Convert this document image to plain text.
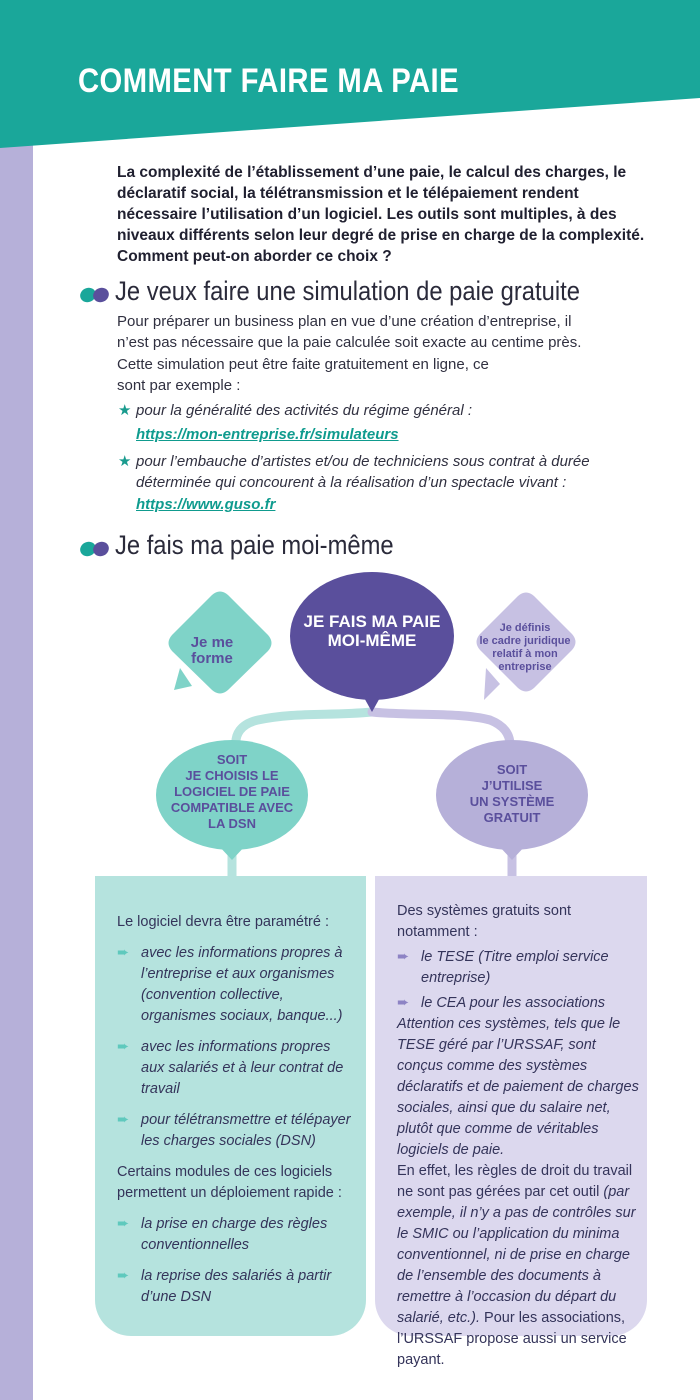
COMMENT FAIRE MA PAIE
La complexité de l’établissement d’une paie, le calcul des charges, le déclaratif social, la télétransmission et le télépaiement rendent nécessaire l’utilisation d’un logiciel. Les outils sont multiples, à des niveaux différents selon leur degré de prise en charge de la complexité. Comment peut-on aborder ce choix ?
Je veux faire une simulation de paie gratuite
Pour préparer un business plan en vue d’une création d’entreprise, il n’est pas nécessaire que la paie calculée soit exacte au centime près.
Cette simulation peut être faite gratuitement en ligne, ce sont par exemple :
★ pour la généralité des activités du régime général :
https://mon-entreprise.fr/simulateurs
★ pour l’embauche d’artistes et/ou de techniciens sous contrat à durée déterminée qui concourent à la réalisation d’un spectacle vivant :
https://www.guso.fr
Je fais ma paie moi-même
Je me
forme
Je définis
le cadre juridique
relatif à mon
entreprise
JE FAIS MA PAIE
MOI-MÊME
SOIT
JE CHOISIS LE
LOGICIEL DE PAIE
COMPATIBLE AVEC
LA DSN
SOIT
J’UTILISE
UN SYSTÈME
GRATUIT
Le logiciel devra être paramétré :
➨ avec les informations propres à l’entreprise et aux organismes (convention collective, organismes sociaux, banque...)
➨ avec les informations propres aux salariés et à leur contrat de travail
➨ pour télétransmettre et télépayer les charges sociales (DSN)
Certains modules de ces logiciels permettent un déploiement rapide :
➨ la prise en charge des règles conventionnelles
➨ la reprise des salariés à partir d’une DSN
Des systèmes gratuits sont notamment :
➨ le TESE (Titre emploi service entreprise)
➨ le CEA pour les associations
Attention ces systèmes, tels que le TESE géré par l’URSSAF, sont conçus comme des systèmes déclaratifs et de paiement de charges sociales, ainsi que du salaire net, plutôt que comme de véritables logiciels de paie.
En effet, les règles de droit du travail ne sont pas gérées par cet outil (par exemple, il n’y a pas de contrôles sur le SMIC ou l’application du minima conventionnel, ni de prise en charge de l’ensemble des documents à remettre à l’occasion du départ du salarié, etc.). Pour les associations, l’URSSAF propose aussi un service payant.
